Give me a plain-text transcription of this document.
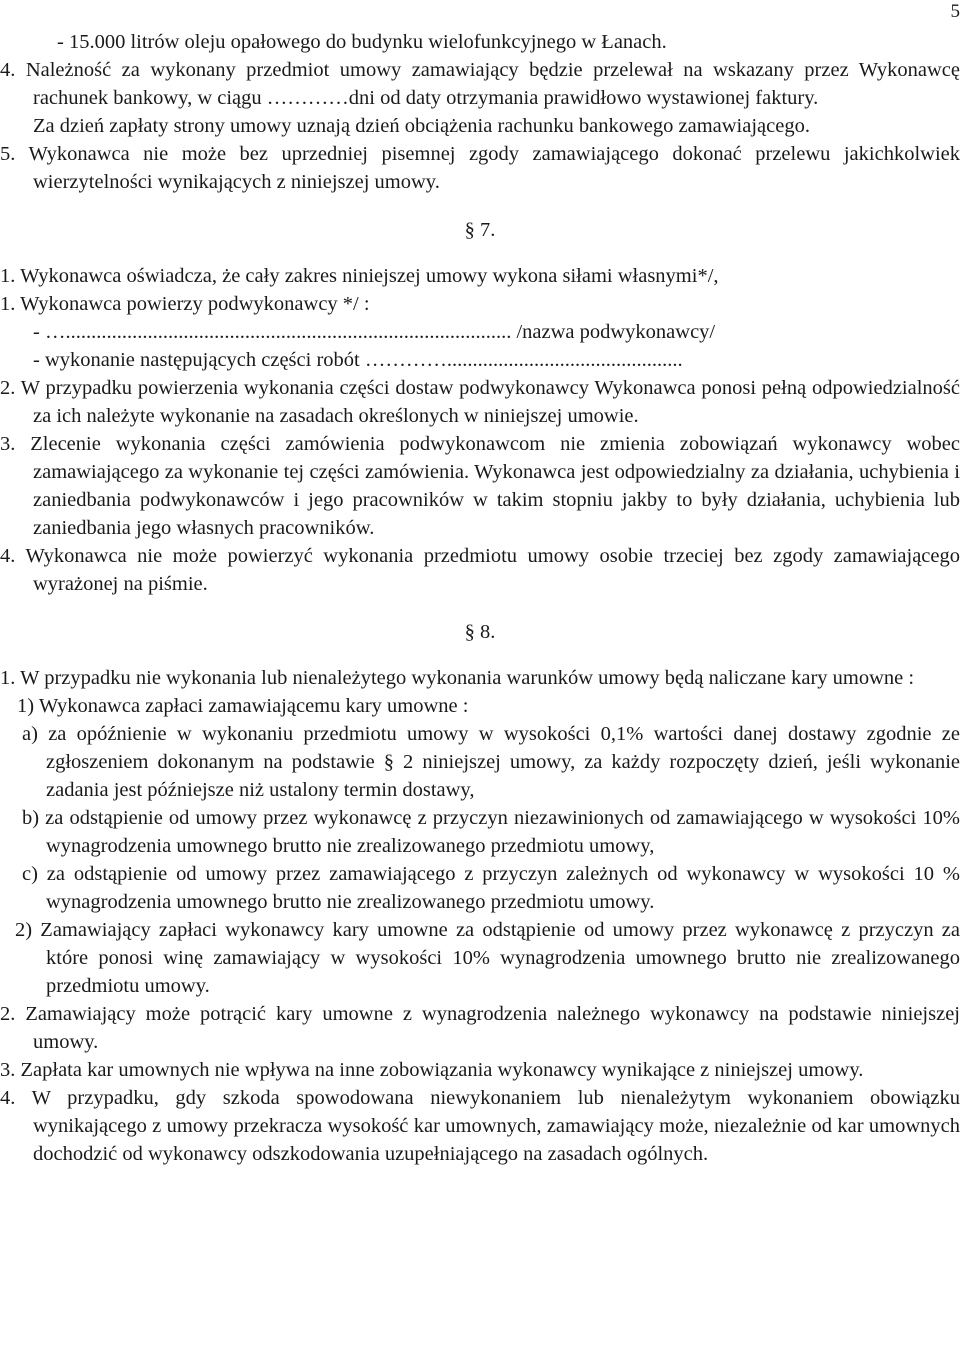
5

- 15.000 litrów oleju opałowego do budynku wielofunkcyjnego w Łanach.

4. Należność za wykonany przedmiot umowy zamawiający będzie przelewał na wskazany przez Wykonawcę rachunek bankowy, w ciągu …………dni od daty otrzymania prawidłowo wystawionej faktury.

Za dzień zapłaty strony umowy uznają dzień obciążenia rachunku bankowego zamawiającego.

5. Wykonawca nie może bez uprzedniej pisemnej zgody zamawiającego dokonać przelewu jakichkolwiek wierzytelności wynikających z niniejszej umowy.

§ 7.

1. Wykonawca oświadcza, że cały zakres niniejszej umowy wykona siłami własnymi*/,

1. Wykonawca powierzy podwykonawcy */ :

- …....................................................................................... /nazwa podwykonawcy/

- wykonanie następujących części robót …………..............................................

2. W przypadku powierzenia wykonania części dostaw podwykonawcy Wykonawca ponosi pełną odpowiedzialność za ich należyte wykonanie na zasadach określonych w niniejszej umowie.

3. Zlecenie wykonania części zamówienia podwykonawcom nie zmienia zobowiązań wykonawcy wobec zamawiającego za wykonanie tej części zamówienia. Wykonawca jest odpowiedzialny za działania, uchybienia i zaniedbania podwykonawców i jego pracowników w takim stopniu jakby to były działania, uchybienia lub zaniedbania jego własnych pracowników.

4. Wykonawca nie może powierzyć wykonania przedmiotu umowy osobie trzeciej bez zgody zamawiającego wyrażonej na piśmie.

§ 8.

1. W przypadku nie wykonania lub nienależytego wykonania warunków umowy będą naliczane kary umowne :

1) Wykonawca zapłaci zamawiającemu kary umowne :

a) za opóźnienie w wykonaniu przedmiotu umowy w wysokości 0,1% wartości danej dostawy zgodnie ze zgłoszeniem dokonanym na podstawie § 2 niniejszej umowy, za każdy rozpoczęty dzień, jeśli wykonanie zadania jest późniejsze niż ustalony termin dostawy,

b) za odstąpienie od umowy przez wykonawcę z przyczyn niezawinionych od zamawiającego w wysokości 10% wynagrodzenia umownego brutto nie zrealizowanego przedmiotu umowy,

c) za odstąpienie od umowy przez zamawiającego z przyczyn zależnych od wykonawcy w wysokości 10 % wynagrodzenia umownego brutto nie zrealizowanego przedmiotu umowy.

2) Zamawiający zapłaci wykonawcy kary umowne za odstąpienie od umowy przez wykonawcę z przyczyn za które ponosi winę zamawiający w wysokości 10% wynagrodzenia umownego brutto nie zrealizowanego przedmiotu umowy.

2. Zamawiający może potrącić kary umowne z wynagrodzenia należnego wykonawcy na podstawie niniejszej umowy.

3. Zapłata kar umownych nie wpływa na inne zobowiązania wykonawcy wynikające z niniejszej umowy.

4. W przypadku, gdy szkoda spowodowana niewykonaniem lub nienależytym wykonaniem obowiązku wynikającego z umowy przekracza wysokość kar umownych, zamawiający może, niezależnie od kar umownych dochodzić od wykonawcy odszkodowania uzupełniającego na zasadach ogólnych.
